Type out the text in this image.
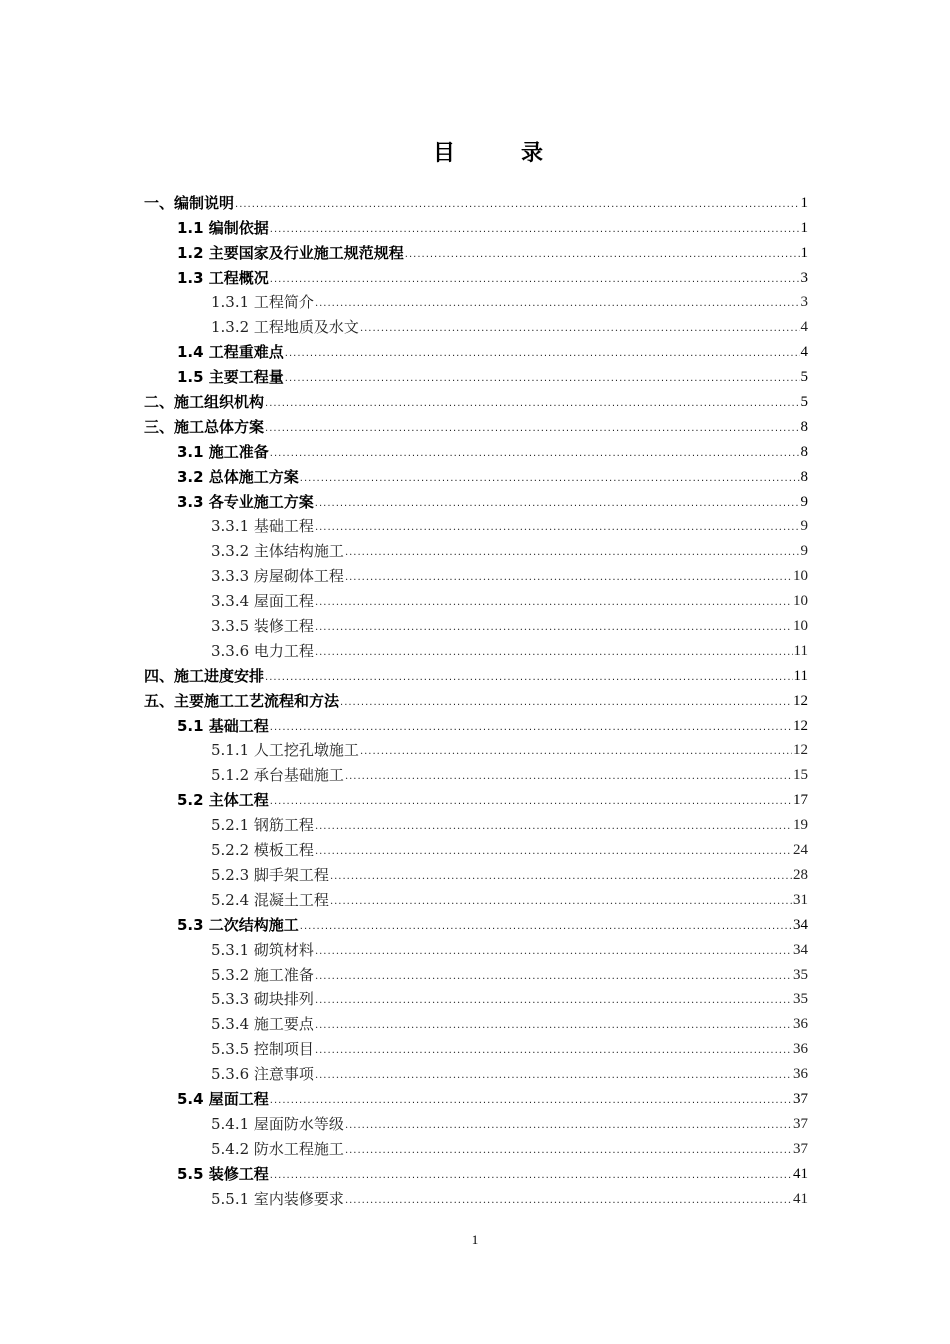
目　录
一、编制说明 .....	1
1.1 编制依据 .....	1
1.2 主要国家及行业施工规范规程 .....	1
1.3 工程概况 .....	3
1.3.1 工程简介 .....	3
1.3.2 工程地质及水文 .....	4
1.4 工程重难点 .....	4
1.5 主要工程量 .....	5
二、施工组织机构 .....	5
三、施工总体方案 .....	8
3.1 施工准备 .....	8
3.2 总体施工方案 .....	8
3.3 各专业施工方案 .....	9
3.3.1 基础工程 .....	9
3.3.2 主体结构施工 .....	9
3.3.3 房屋砌体工程 .....	10
3.3.4 屋面工程 .....	10
3.3.5 装修工程 .....	10
3.3.6 电力工程 .....	11
四、施工进度安排 .....	11
五、主要施工工艺流程和方法 .....	12
5.1 基础工程 .....	12
5.1.1 人工挖孔墩施工 .....	12
5.1.2 承台基础施工 .....	15
5.2 主体工程 .....	17
5.2.1 钢筋工程 .....	19
5.2.2 模板工程 .....	24
5.2.3 脚手架工程 .....	28
5.2.4 混凝土工程 .....	31
5.3 二次结构施工 .....	34
5.3.1 砌筑材料 .....	34
5.3.2 施工准备 .....	35
5.3.3 砌块排列 .....	35
5.3.4 施工要点 .....	36
5.3.5 控制项目 .....	36
5.3.6 注意事项 .....	36
5.4 屋面工程 .....	37
5.4.1 屋面防水等级 .....	37
5.4.2 防水工程施工 .....	37
5.5 装修工程 .....	41
5.5.1 室内装修要求 .....	41
1
